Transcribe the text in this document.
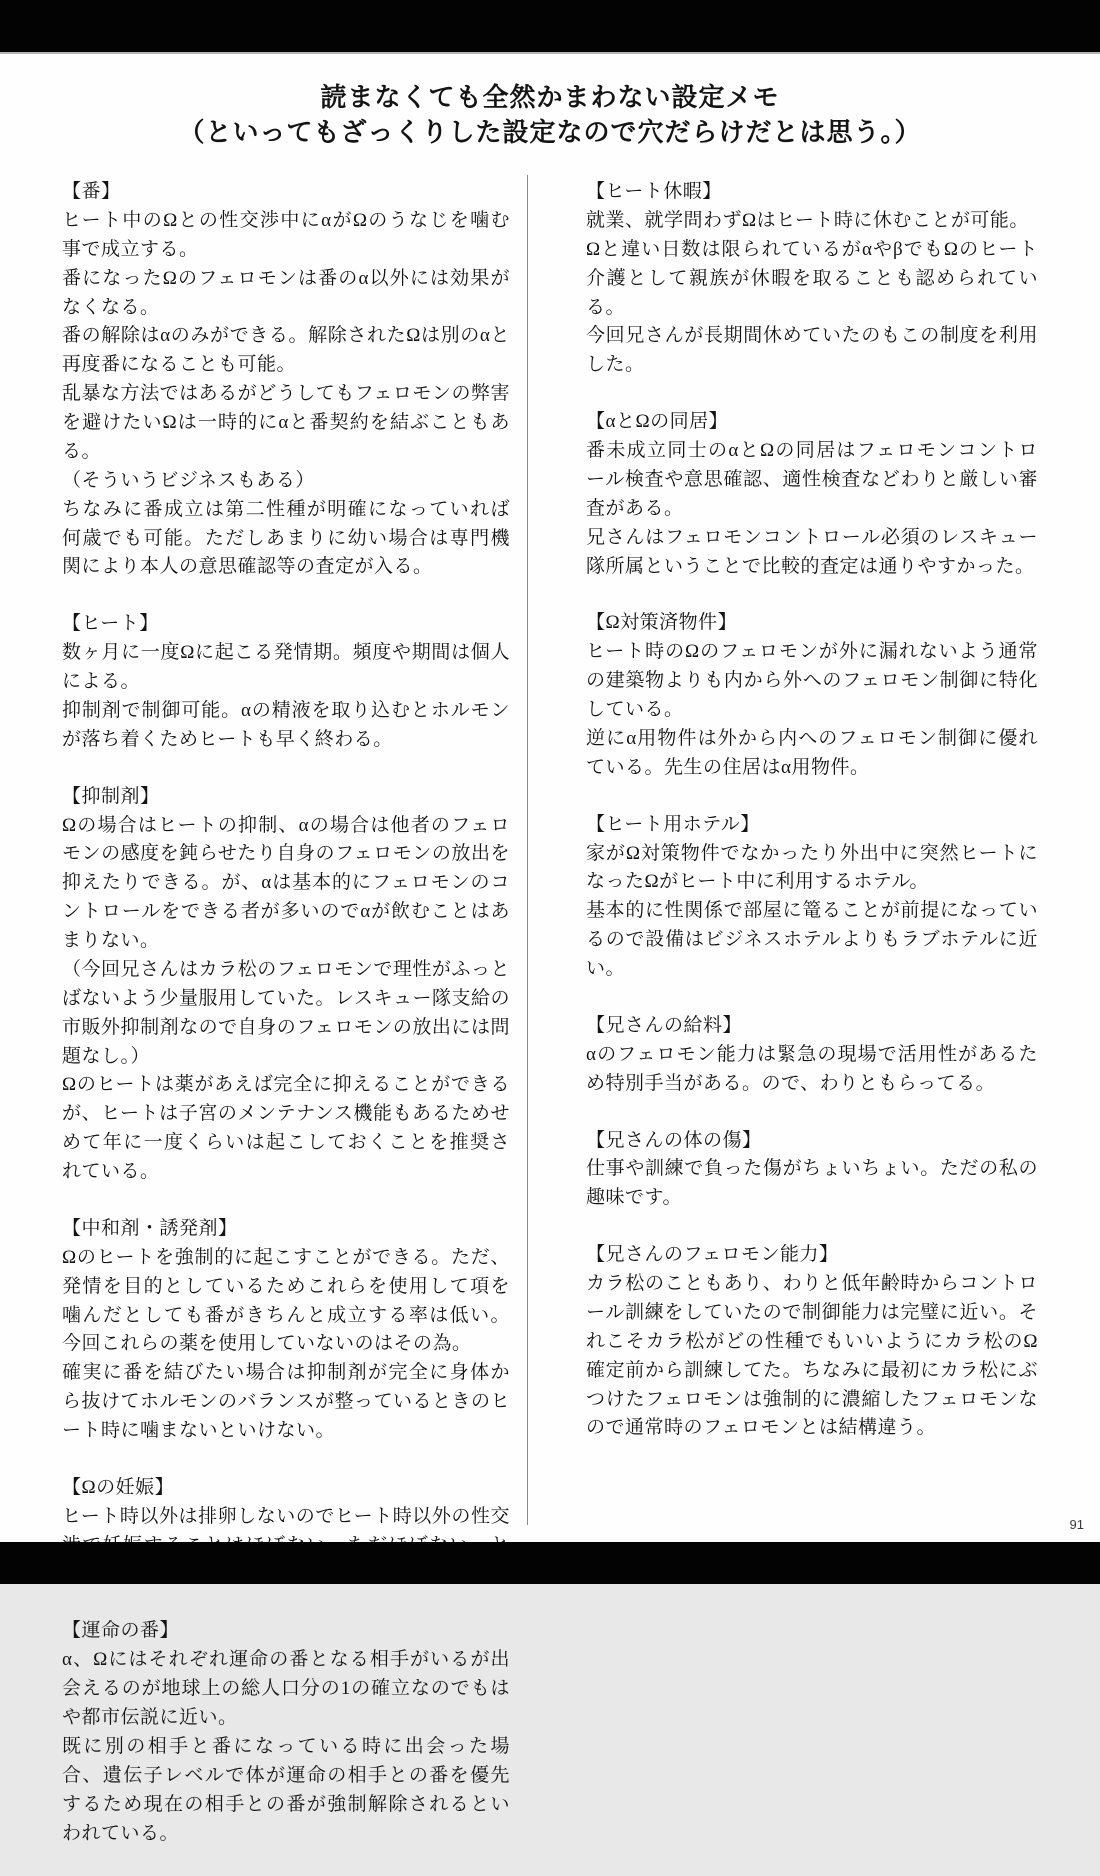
読まなくても全然かまわない設定メモ
（といってもざっくりした設定なので穴だらけだとは思う。）
【番】
ヒート中のΩとの性交渉中にαがΩのうなじを噛む事で成立する。
番になったΩのフェロモンは番のα以外には効果がなくなる。
番の解除はαのみができる。解除されたΩは別のαと再度番になることも可能。
乱暴な方法ではあるがどうしてもフェロモンの弊害を避けたいΩは一時的にαと番契約を結ぶこともある。
（そういうビジネスもある）
ちなみに番成立は第二性種が明確になっていれば何歳でも可能。ただしあまりに幼い場合は専門機関により本人の意思確認等の査定が入る。
【ヒート】
数ヶ月に一度Ωに起こる発情期。頻度や期間は個人による。
抑制剤で制御可能。αの精液を取り込むとホルモンが落ち着くためヒートも早く終わる。
【抑制剤】
Ωの場合はヒートの抑制、αの場合は他者のフェロモンの感度を鈍らせたり自身のフェロモンの放出を抑えたりできる。が、αは基本的にフェロモンのコントロールをできる者が多いのでαが飲むことはあまりない。
（今回兄さんはカラ松のフェロモンで理性がふっとばないよう少量服用していた。レスキュー隊支給の市販外抑制剤なので自身のフェロモンの放出には問題なし。）
Ωのヒートは薬があえば完全に抑えることができるが、ヒートは子宮のメンテナンス機能もあるためせめて年に一度くらいは起こしておくことを推奨されている。
【中和剤・誘発剤】
Ωのヒートを強制的に起こすことができる。ただ、発情を目的としているためこれらを使用して項を噛んだとしても番がきちんと成立する率は低い。今回これらの薬を使用していないのはその為。
確実に番を結びたい場合は抑制剤が完全に身体から抜けてホルモンのバランスが整っているときのヒート時に噛まないといけない。
【Ωの妊娠】
ヒート時以外は排卵しないのでヒート時以外の性交
【運命の番】
α、Ωにはそれぞれ運命の番となる相手がいるが出会えるのが地球上の総人口分の1の確立なのでもはや都市伝説に近い。
既に別の相手と番になっている時に出会った場合、遺伝子レベルで体が運命の相手との番を優先するため現在の相手との番が強制解除されるといわれている。
【ヒート休暇】
就業、就学問わずΩはヒート時に休むことが可能。
Ωと違い日数は限られているがαやβでもΩのヒート介護として親族が休暇を取ることも認められている。
今回兄さんが長期間休めていたのもこの制度を利用した。
【αとΩの同居】
番未成立同士のαとΩの同居はフェロモンコントロール検査や意思確認、適性検査などわりと厳しい審査がある。
兄さんはフェロモンコントロール必須のレスキュー隊所属ということで比較的査定は通りやすかった。
【Ω対策済物件】
ヒート時のΩのフェロモンが外に漏れないよう通常の建築物よりも内から外へのフェロモン制御に特化している。
逆にα用物件は外から内へのフェロモン制御に優れている。先生の住居はα用物件。
【ヒート用ホテル】
家がΩ対策物件でなかったり外出中に突然ヒートになったΩがヒート中に利用するホテル。
基本的に性関係で部屋に篭ることが前提になっているので設備はビジネスホテルよりもラブホテルに近い。
【兄さんの給料】
αのフェロモン能力は緊急の現場で活用性があるため特別手当がある。ので、わりともらってる。
【兄さんの体の傷】
仕事や訓練で負った傷がちょいちょい。ただの私の趣味です。
【兄さんのフェロモン能力】
カラ松のこともあり、わりと低年齢時からコントロール訓練をしていたので制御能力は完璧に近い。それこそカラ松がどの性種でもいいようにカラ松のΩ確定前から訓練してた。ちなみに最初にカラ松にぶつけたフェロモンは強制的に濃縮したフェロモンなので通常時のフェロモンとは結構違う。
91
